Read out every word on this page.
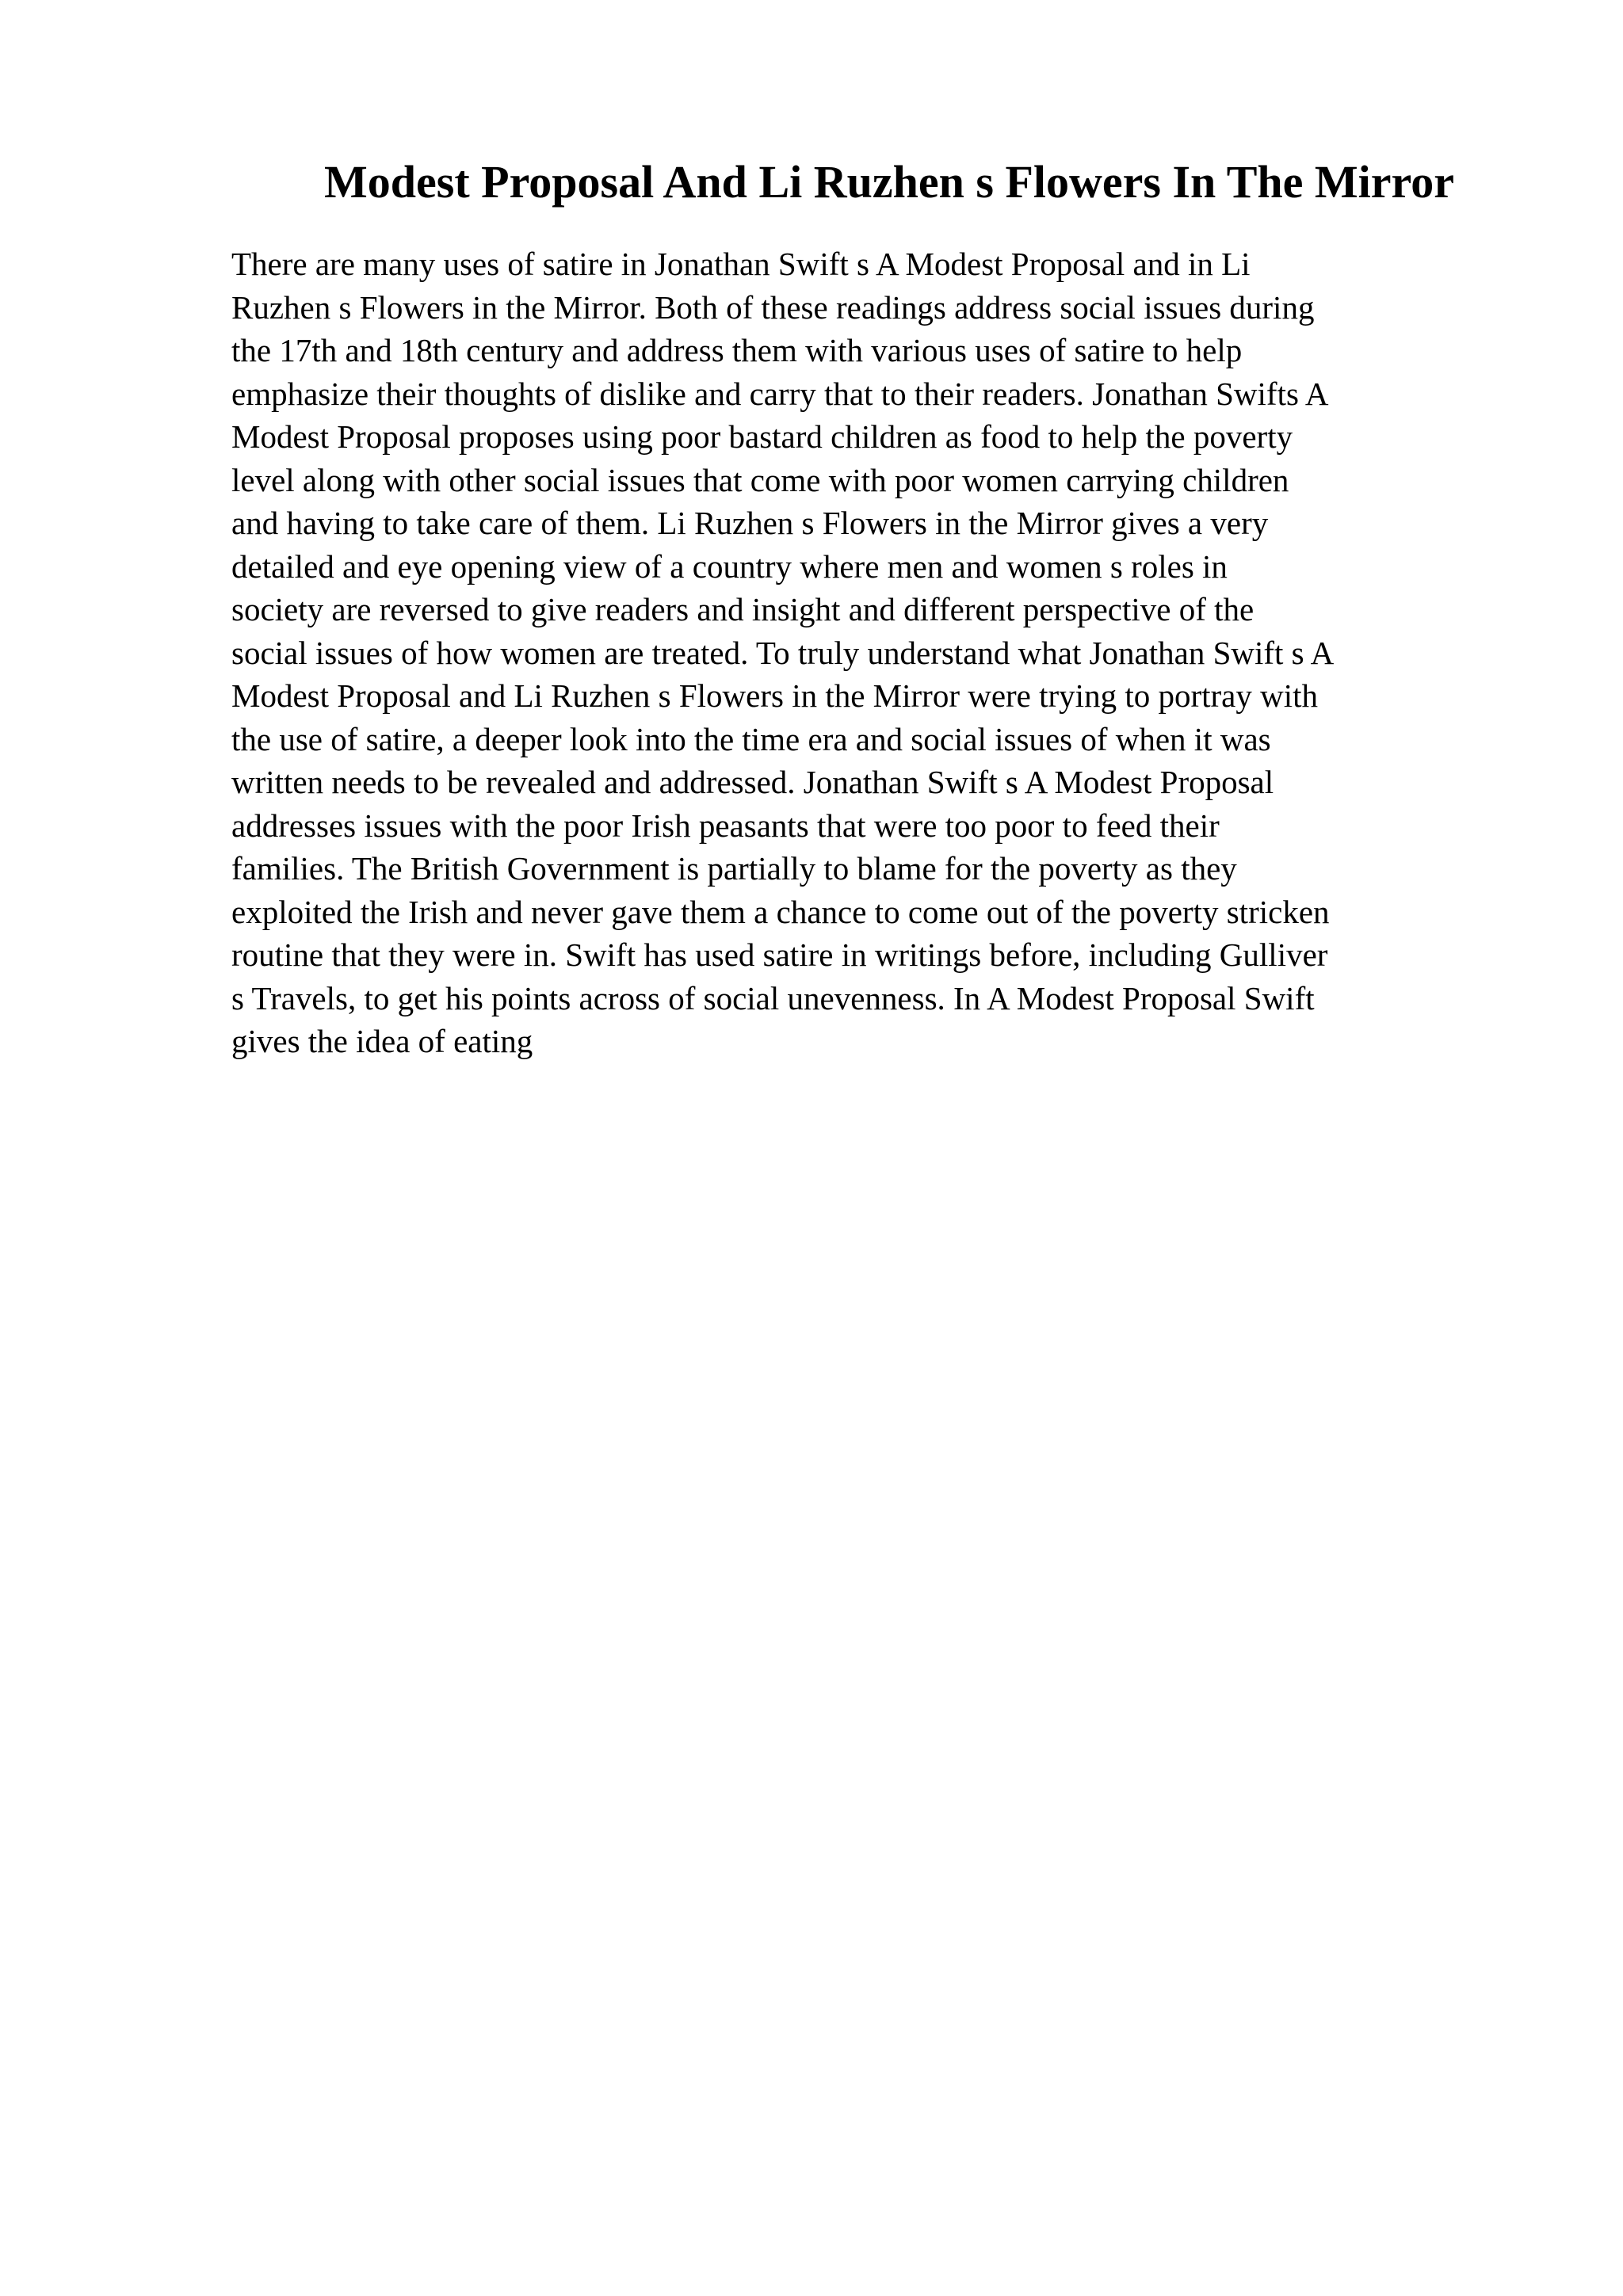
Modest Proposal And Li Ruzhen s Flowers In The Mirror
There are many uses of satire in Jonathan Swift s A Modest Proposal and in Li
Ruzhen s Flowers in the Mirror. Both of these readings address social issues during
the 17th and 18th century and address them with various uses of satire to help
emphasize their thoughts of dislike and carry that to their readers. Jonathan Swifts A
Modest Proposal proposes using poor bastard children as food to help the poverty
level along with other social issues that come with poor women carrying children
and having to take care of them. Li Ruzhen s Flowers in the Mirror gives a very
detailed and eye opening view of a country where men and women s roles in
society are reversed to give readers and insight and different perspective of the
social issues of how women are treated. To truly understand what Jonathan Swift s A
Modest Proposal and Li Ruzhen s Flowers in the Mirror were trying to portray with
the use of satire, a deeper look into the time era and social issues of when it was
written needs to be revealed and addressed. Jonathan Swift s A Modest Proposal
addresses issues with the poor Irish peasants that were too poor to feed their
families. The British Government is partially to blame for the poverty as they
exploited the Irish and never gave them a chance to come out of the poverty stricken
routine that they were in. Swift has used satire in writings before, including Gulliver
s Travels, to get his points across of social unevenness. In A Modest Proposal Swift
gives the idea of eating
